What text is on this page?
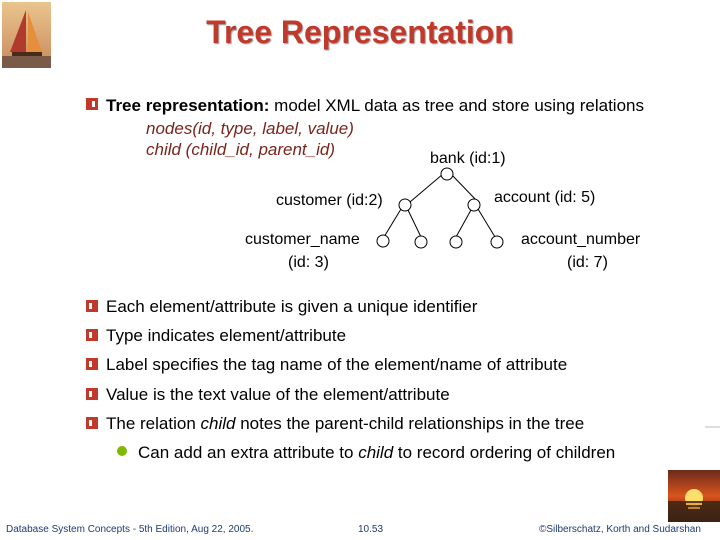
Tree Representation
Tree representation: model XML data as tree and store using relations
nodes(id, type, label, value)
child (child_id, parent_id)	bank (id:1)
customer (id:2)	account (id: 5)
customer_name
(id: 3)
account_number
(id: 7)
Each element/attribute is given a unique identifier
Type indicates element/attribute
Label specifies the tag name of the element/name of attribute
Value is the text value of the element/attribute
The relation child notes the parent-child relationships in the tree
Can add an extra attribute to child to record ordering of children
Database System Concepts - 5th Edition, Aug 22, 2005.	10.53	©Silberschatz, Korth and Sudarshan
